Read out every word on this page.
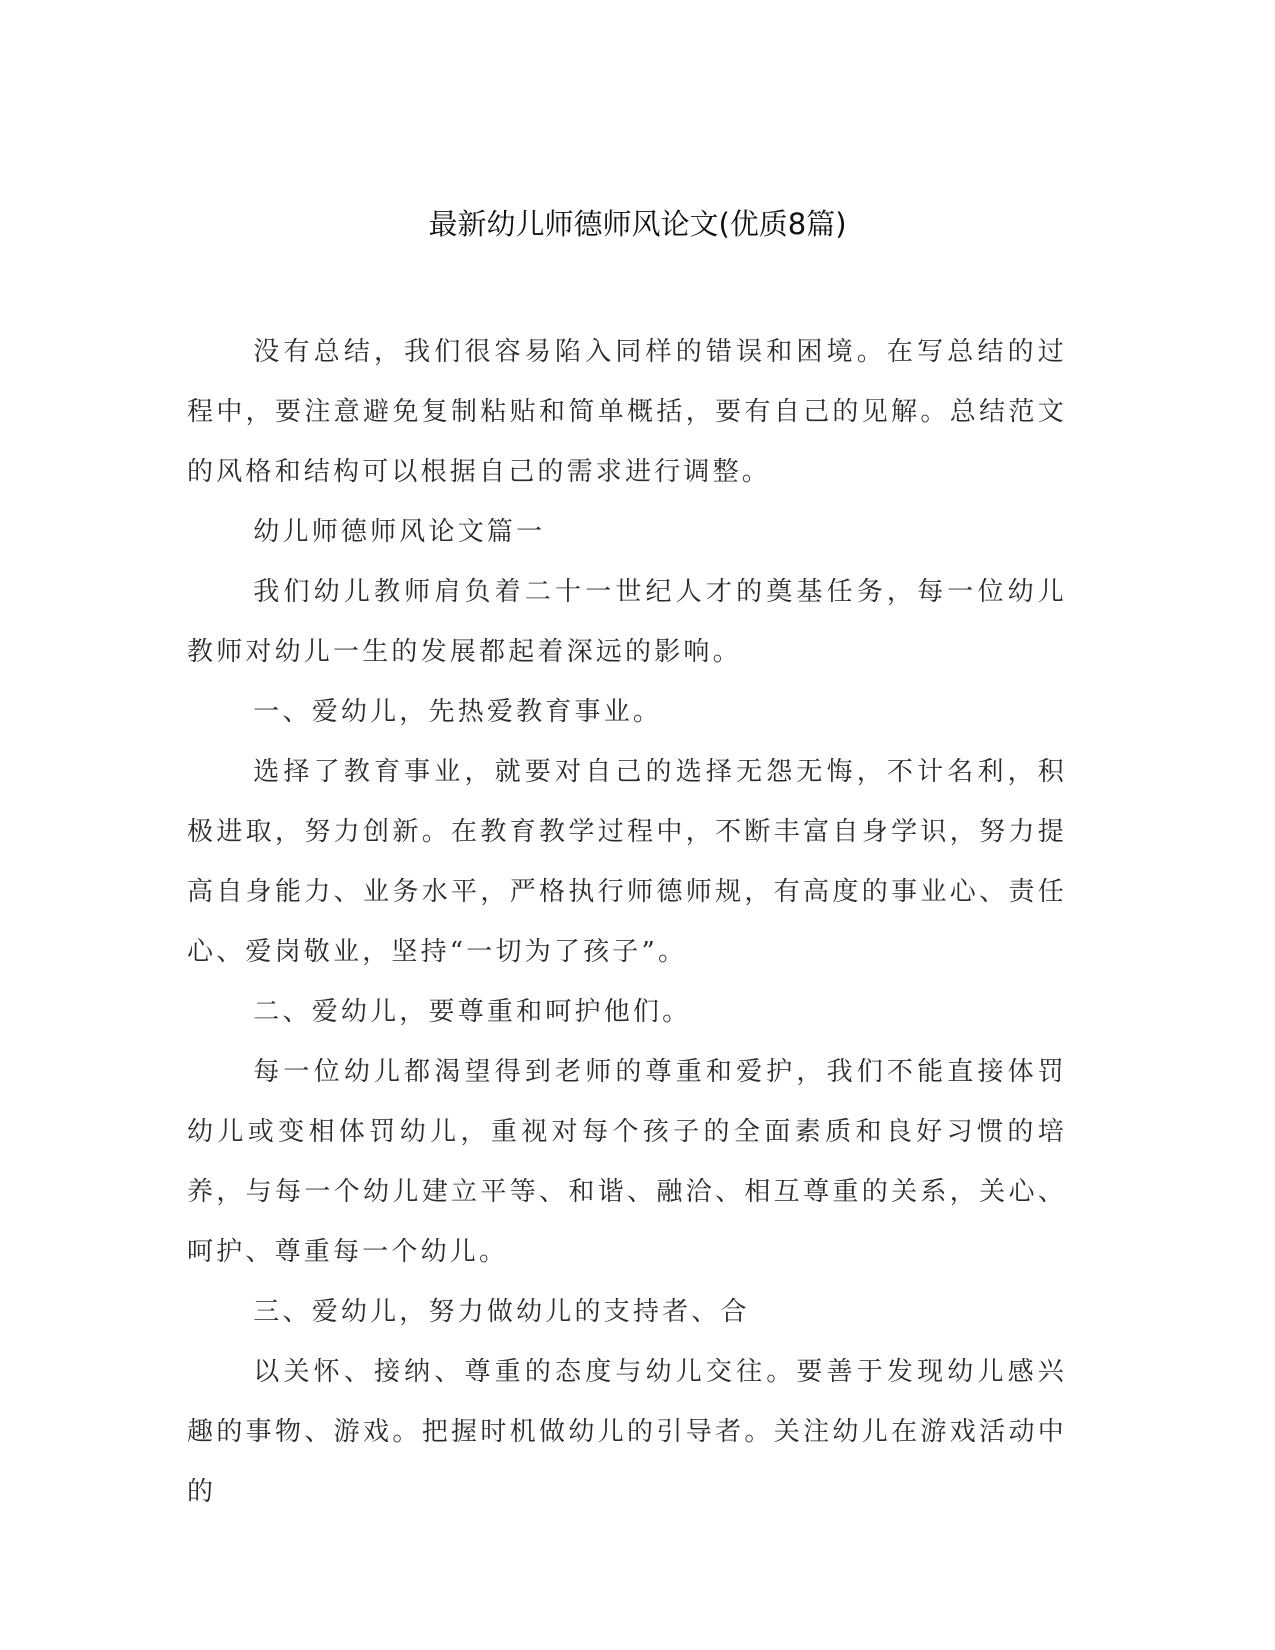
最新幼儿师德师风论文(优质8篇)

没有总结，我们很容易陷入同样的错误和困境。在写总结的过程中，要注意避免复制粘贴和简单概括，要有自己的见解。总结范文的风格和结构可以根据自己的需求进行调整。

幼儿师德师风论文篇一

我们幼儿教师肩负着二十一世纪人才的奠基任务，每一位幼儿教师对幼儿一生的发展都起着深远的影响。

一、爱幼儿，先热爱教育事业。

选择了教育事业，就要对自己的选择无怨无悔，不计名利，积极进取，努力创新。在教育教学过程中，不断丰富自身学识，努力提高自身能力、业务水平，严格执行师德师规，有高度的事业心、责任心、爱岗敬业，坚持“一切为了孩子”。

二、爱幼儿，要尊重和呵护他们。

每一位幼儿都渴望得到老师的尊重和爱护，我们不能直接体罚幼儿或变相体罚幼儿，重视对每个孩子的全面素质和良好习惯的培养，与每一个幼儿建立平等、和谐、融洽、相互尊重的关系，关心、呵护、尊重每一个幼儿。

三、爱幼儿，努力做幼儿的支持者、合

以关怀、接纳、尊重的态度与幼儿交往。要善于发现幼儿感兴趣的事物、游戏。把握时机做幼儿的引导者。关注幼儿在游戏活动中的
